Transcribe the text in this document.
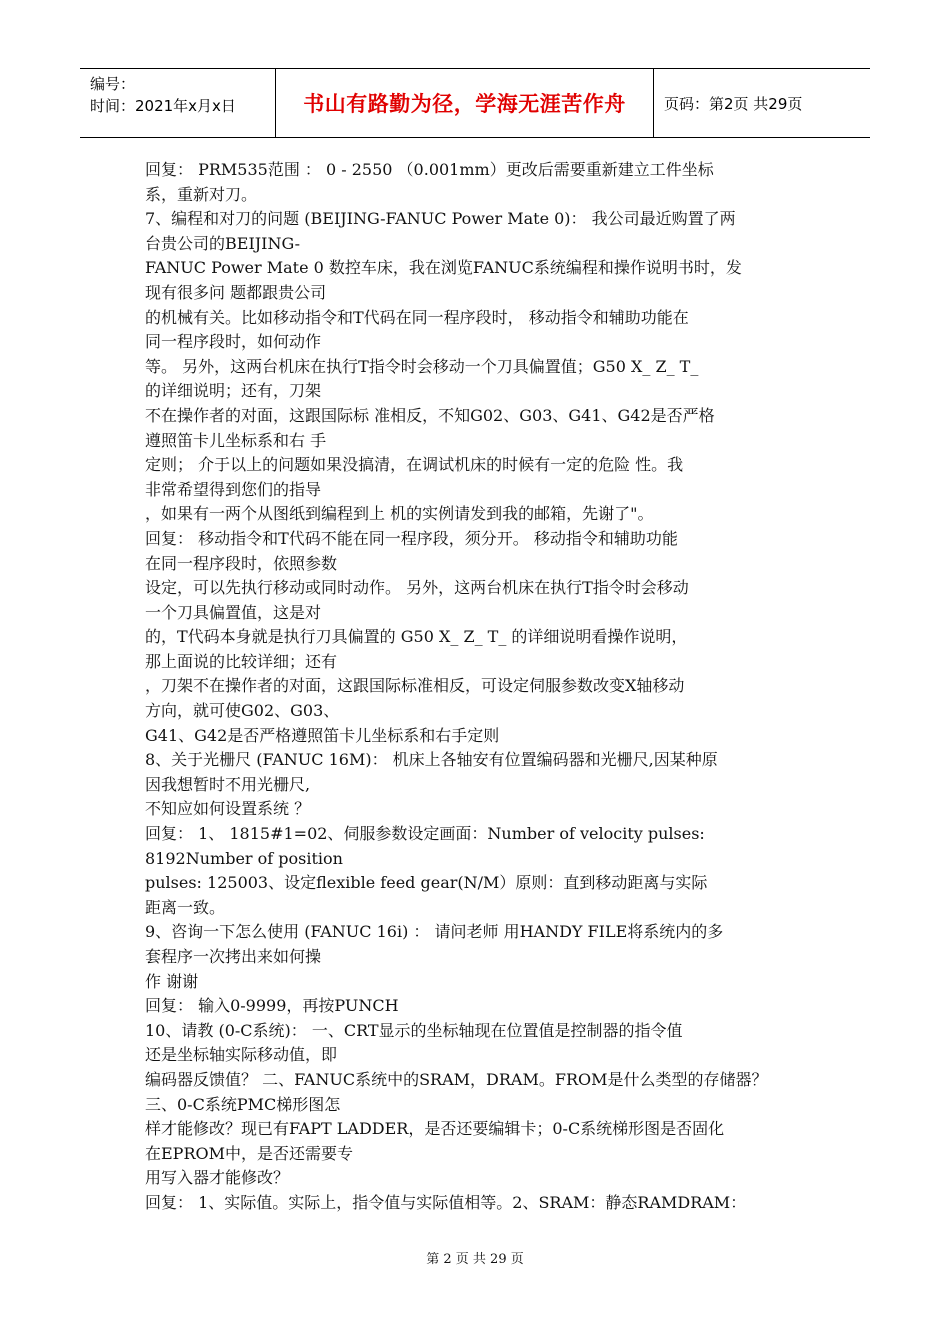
编号：
时间：2021年x月x日	书山有路勤为径，学海无涯苦作舟	页码：第2页 共29页
回复： PRM535范围 ： 0 - 2550 （0.001mm）更改后需要重新建立工件坐标
系，重新对刀。
7、编程和对刀的问题 (BEIJING-FANUC Power Mate 0)： 我公司最近购置了两
台贵公司的BEIJING-
FANUC Power Mate 0 数控车床，我在浏览FANUC系统编程和操作说明书时，发
现有很多问 题都跟贵公司
的机械有关。比如移动指令和T代码在同一程序段时， 移动指令和辅助功能在
同一程序段时，如何动作
等。 另外，这两台机床在执行T指令时会移动一个刀具偏置值；G50 X_ Z_ T_
的详细说明；还有，刀架
不在操作者的对面，这跟国际标 准相反，不知G02、G03、G41、G42是否严格
遵照笛卡儿坐标系和右 手
定则； 介于以上的问题如果没搞清，在调试机床的时候有一定的危险 性。我
非常希望得到您们的指导
，如果有一两个从图纸到编程到上 机的实例请发到我的邮箱，先谢了"。
回复： 移动指令和T代码不能在同一程序段，须分开。 移动指令和辅助功能
在同一程序段时，依照参数
设定，可以先执行移动或同时动作。 另外，这两台机床在执行T指令时会移动
一个刀具偏置值，这是对
的，T代码本身就是执行刀具偏置的 G50 X_ Z_ T_ 的详细说明看操作说明，
那上面说的比较详细；还有
，刀架不在操作者的对面，这跟国际标准相反，可设定伺服参数改变X轴移动
方向，就可使G02、G03、
G41、G42是否严格遵照笛卡儿坐标系和右手定则
8、关于光栅尺 (FANUC 16M)： 机床上各轴安有位置编码器和光栅尺,因某种原
因我想暂时不用光栅尺,
不知应如何设置系统 ？
回复： 1、 1815#1=02、伺服参数设定画面：Number of velocity pulses:
8192Number of position
pulses: 125003、设定flexible feed gear(N/M）原则：直到移动距离与实际
距离一致。
9、咨询一下怎么使用 (FANUC 16i) ： 请问老师 用HANDY FILE将系统内的多
套程序一次拷出来如何操
作 谢谢
回复： 输入0-9999，再按PUNCH
10、请教 (0-C系统)： 一、CRT显示的坐标轴现在位置值是控制器的指令值
还是坐标轴实际移动值，即
编码器反馈值？ 二、FANUC系统中的SRAM，DRAM。FROM是什么类型的存储器？
三、0-C系统PMC梯形图怎
样才能修改？现已有FAPT LADDER，是否还要编辑卡；0-C系统梯形图是否固化
在EPROM中，是否还需要专
用写入器才能修改？
回复： 1、实际值。实际上，指令值与实际值相等。2、SRAM：静态RAMDRAM：
第 2 页 共 29 页
